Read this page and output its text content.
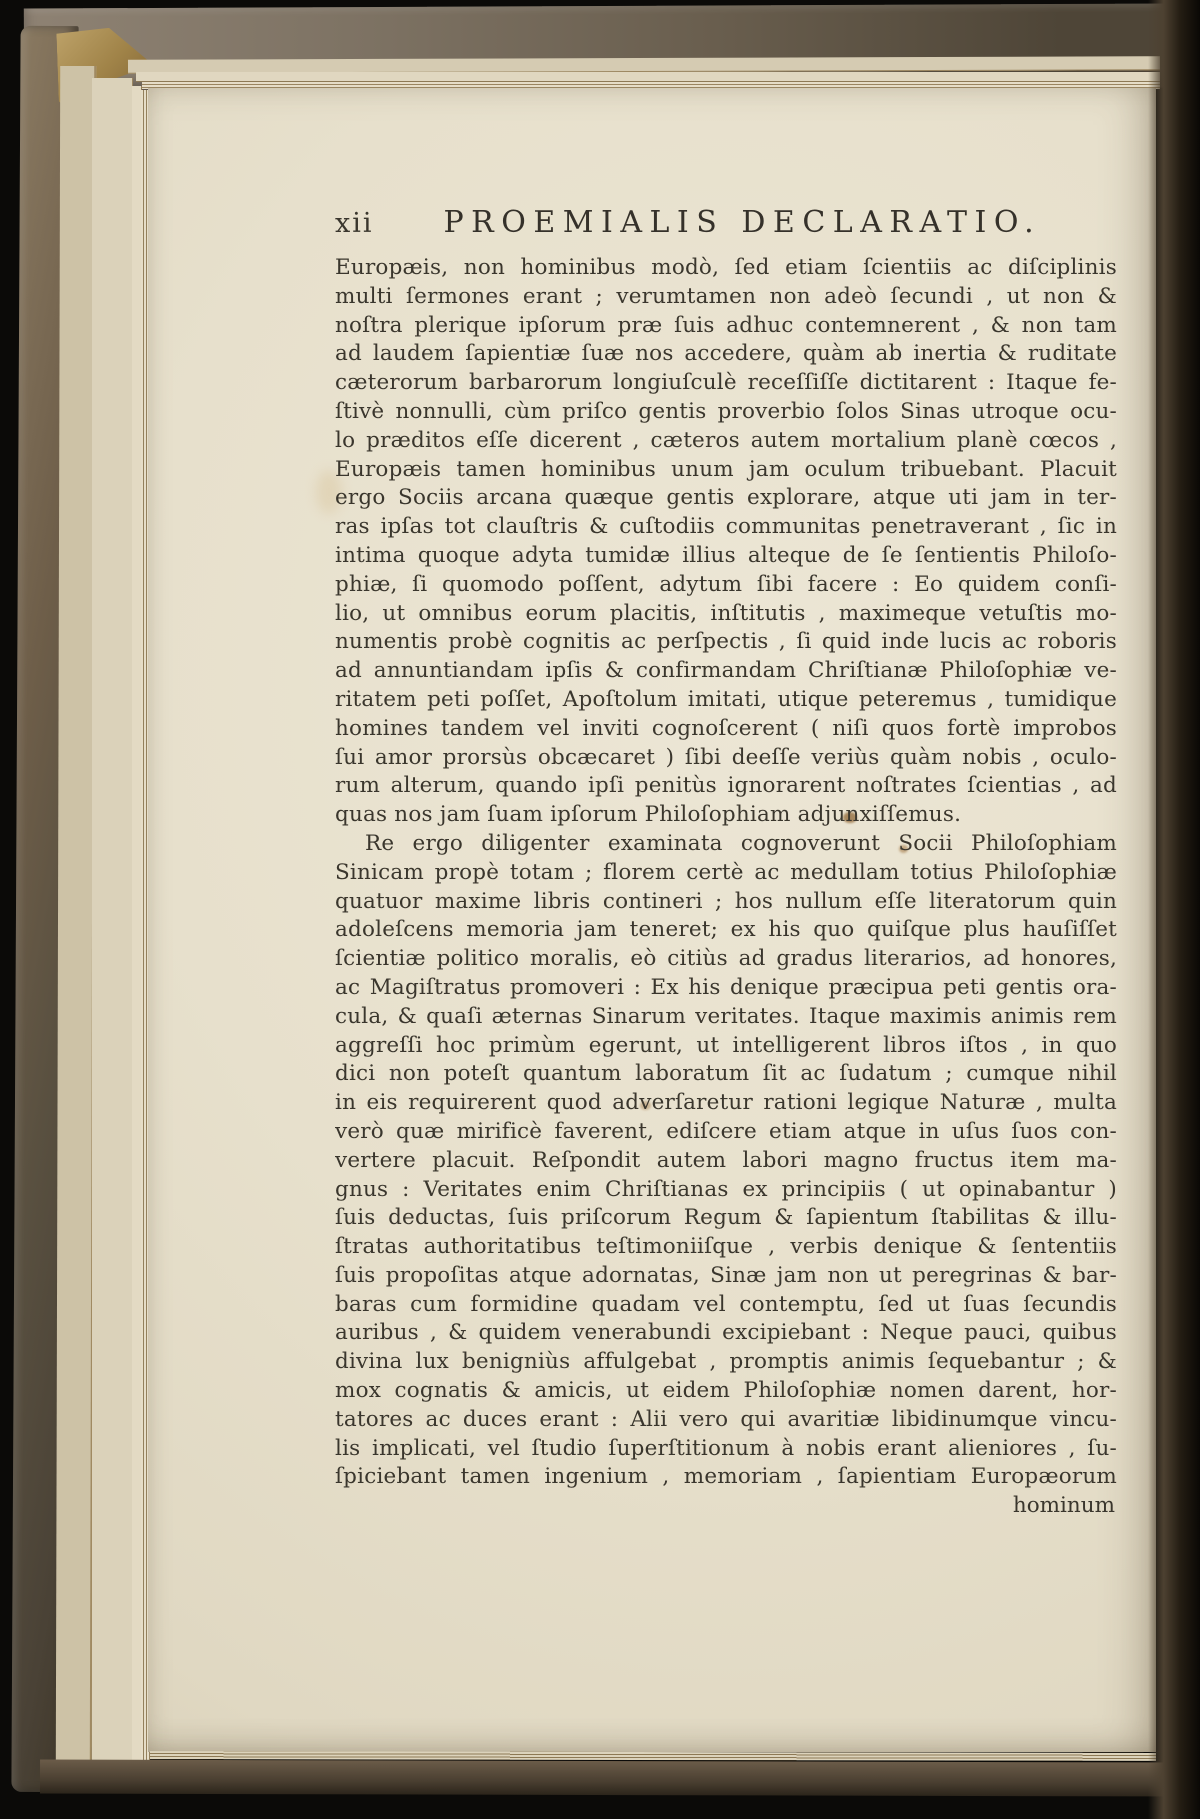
xii PROEMIALIS DECLARATIO.
Europæis, non hominibus modò, ſed etiam ſcientiis ac diſciplinis
multi ſermones erant ; verumtamen non adeò ſecundi , ut non &
noſtra plerique ipſorum præ ſuis adhuc contemnerent , & non tam
ad laudem ſapientiæ ſuæ nos accedere, quàm ab inertia & ruditate
cæterorum barbarorum longiuſculè receſſiſſe dictitarent : Itaque fe-
ſtivè nonnulli, cùm priſco gentis proverbio ſolos Sinas utroque ocu-
lo præditos eſſe dicerent , cæteros autem mortalium planè cœcos ,
Europæis tamen hominibus unum jam oculum tribuebant. Placuit
ergo Sociis arcana quæque gentis explorare, atque uti jam in ter-
ras ipſas tot clauſtris & cuſtodiis communitas penetraverant , ſic in
intima quoque adyta tumidæ illius alteque de ſe ſentientis Philoſo-
phiæ, ſi quomodo poſſent, adytum ſibi facere : Eo quidem conſi-
lio, ut omnibus eorum placitis, inſtitutis , maximeque vetuſtis mo-
numentis probè cognitis ac perſpectis , ſi quid inde lucis ac roboris
ad annuntiandam ipſis & confirmandam Chriſtianæ Philoſophiæ ve-
ritatem peti poſſet, Apoſtolum imitati, utique peteremus , tumidique
homines tandem vel inviti cognoſcerent ( niſi quos fortè improbos
ſui amor prorsùs obcæcaret ) ſibi deeſſe veriùs quàm nobis , oculo-
rum alterum, quando ipſi penitùs ignorarent noſtrates ſcientias , ad
quas nos jam ſuam ipſorum Philoſophiam adjunxiſſemus.
Re ergo diligenter examinata cognoverunt Socii Philoſophiam
Sinicam propè totam ; florem certè ac medullam totius Philoſophiæ
quatuor maxime libris contineri ; hos nullum eſſe literatorum quin
adoleſcens memoria jam teneret; ex his quo quiſque plus hauſiſſet
ſcientiæ politico moralis, eò citiùs ad gradus literarios, ad honores,
ac Magiſtratus promoveri : Ex his denique præcipua peti gentis ora-
cula, & quaſi æternas Sinarum veritates. Itaque maximis animis rem
aggreſſi hoc primùm egerunt, ut intelligerent libros iſtos , in quo
dici non poteſt quantum laboratum ſit ac ſudatum ; cumque nihil
in eis requirerent quod adverſaretur rationi legique Naturæ , multa
verò quæ mirificè faverent, ediſcere etiam atque in uſus ſuos con-
vertere placuit. Reſpondit autem labori magno fructus item ma-
gnus : Veritates enim Chriſtianas ex principiis ( ut opinabantur )
ſuis deductas, ſuis priſcorum Regum & ſapientum ſtabilitas & illu-
ſtratas authoritatibus teſtimoniiſque , verbis denique & ſententiis
ſuis propoſitas atque adornatas, Sinæ jam non ut peregrinas & bar-
baras cum formidine quadam vel contemptu, ſed ut ſuas ſecundis
auribus , & quidem venerabundi excipiebant : Neque pauci, quibus
divina lux benigniùs affulgebat , promptis animis ſequebantur ; &
mox cognatis & amicis, ut eidem Philoſophiæ nomen darent, hor-
tatores ac duces erant : Alii vero qui avaritiæ libidinumque vincu-
lis implicati, vel ſtudio ſuperſtitionum à nobis erant alieniores , ſu-
ſpiciebant tamen ingenium , memoriam , ſapientiam Europæorum
hominum
